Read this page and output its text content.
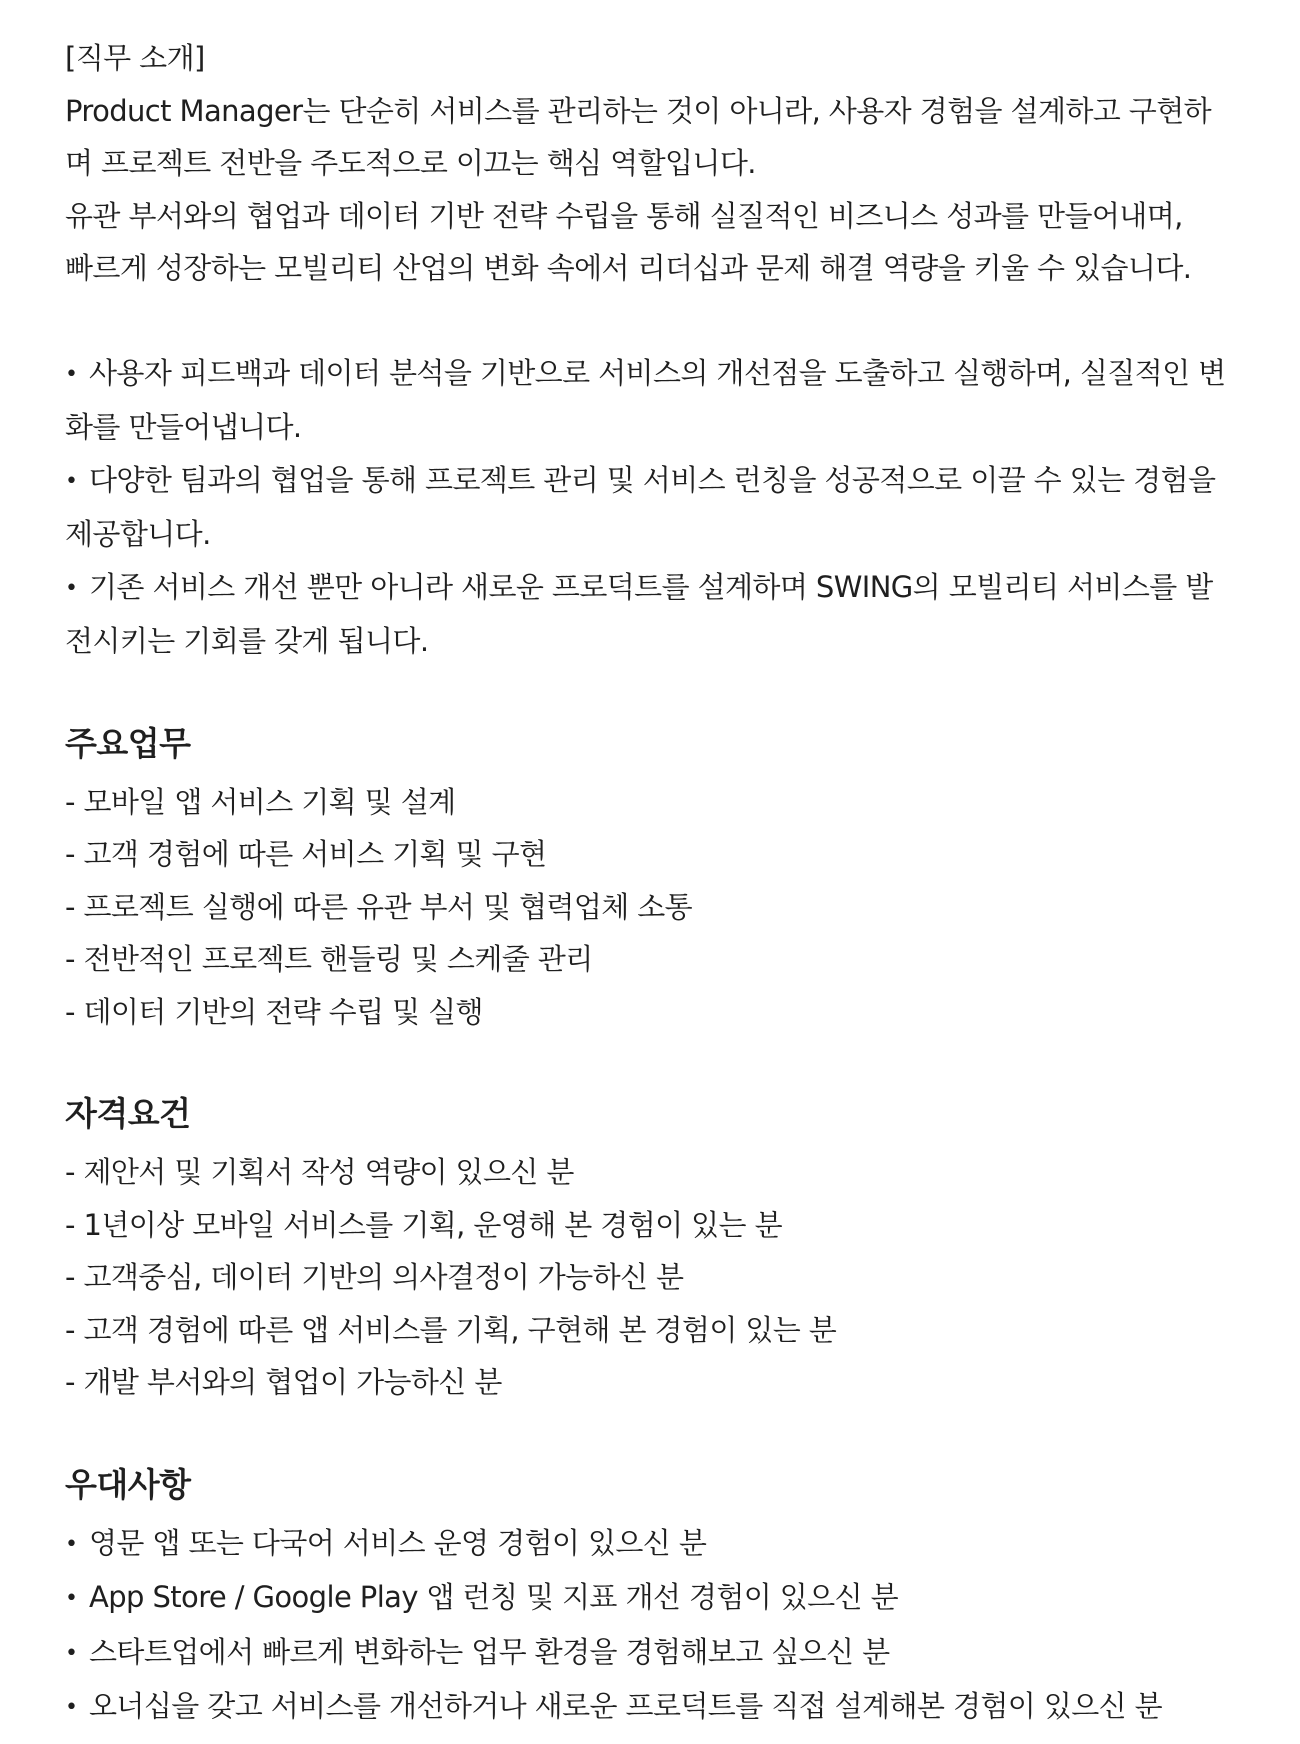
[직무 소개]
Product Manager는 단순히 서비스를 관리하는 것이 아니라, 사용자 경험을 설계하고 구현하
며 프로젝트 전반을 주도적으로 이끄는 핵심 역할입니다.
유관 부서와의 협업과 데이터 기반 전략 수립을 통해 실질적인 비즈니스 성과를 만들어내며,
빠르게 성장하는 모빌리티 산업의 변화 속에서 리더십과 문제 해결 역량을 키울 수 있습니다.
• 사용자 피드백과 데이터 분석을 기반으로 서비스의 개선점을 도출하고 실행하며, 실질적인 변
화를 만들어냅니다.
• 다양한 팀과의 협업을 통해 프로젝트 관리 및 서비스 런칭을 성공적으로 이끌 수 있는 경험을
제공합니다.
• 기존 서비스 개선 뿐만 아니라 새로운 프로덕트를 설계하며 SWING의 모빌리티 서비스를 발
전시키는 기회를 갖게 됩니다.
주요업무
- 모바일 앱 서비스 기획 및 설계
- 고객 경험에 따른 서비스 기획 및 구현
- 프로젝트 실행에 따른 유관 부서 및 협력업체 소통
- 전반적인 프로젝트 핸들링 및 스케줄 관리
- 데이터 기반의 전략 수립 및 실행
자격요건
- 제안서 및 기획서 작성 역량이 있으신 분
- 1년이상 모바일 서비스를 기획, 운영해 본 경험이 있는 분
- 고객중심, 데이터 기반의 의사결정이 가능하신 분
- 고객 경험에 따른 앱 서비스를 기획, 구현해 본 경험이 있는 분
- 개발 부서와의 협업이 가능하신 분
우대사항
• 영문 앱 또는 다국어 서비스 운영 경험이 있으신 분
• App Store / Google Play 앱 런칭 및 지표 개선 경험이 있으신 분
• 스타트업에서 빠르게 변화하는 업무 환경을 경험해보고 싶으신 분
• 오너십을 갖고 서비스를 개선하거나 새로운 프로덕트를 직접 설계해본 경험이 있으신 분
